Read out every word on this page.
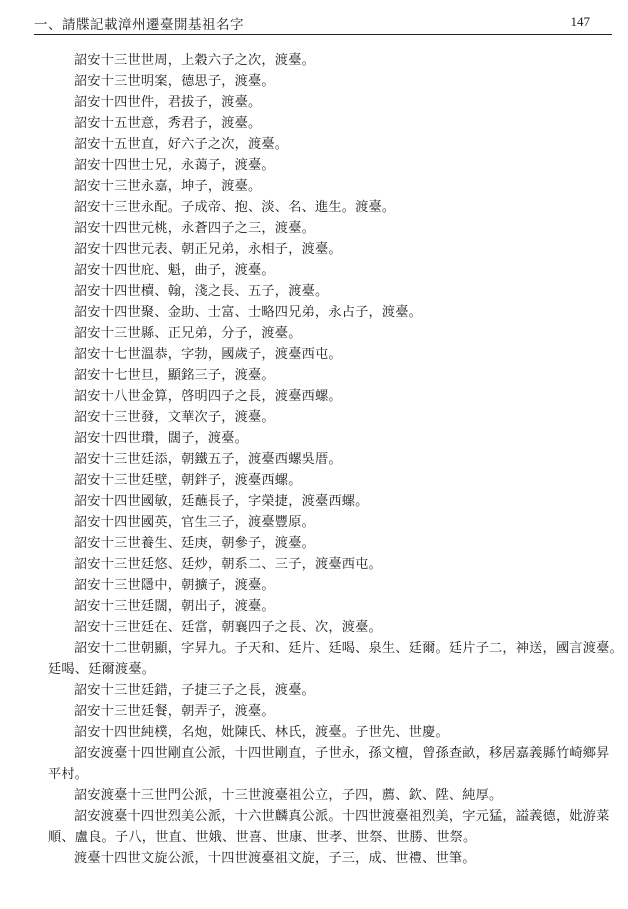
一、請牒記載漳州遷臺開基祖名字	147
詔安十三世世周，上穀六子之次，渡臺。
詔安十三世明案，德思子，渡臺。
詔安十四世件，君拔子，渡臺。
詔安十五世意，秀君子，渡臺。
詔安十五世直，好六子之次，渡臺。
詔安十四世士兄，永蔼子，渡臺。
詔安十三世永嘉，坤子，渡臺。
詔安十三世永配。子成帝、抱、淡、名、進生。渡臺。
詔安十四世元桃，永蒼四子之三，渡臺。
詔安十四世元表、朝正兄弟，永相子，渡臺。
詔安十四世庇、魁，曲子，渡臺。
詔安十四世櫝、翰，淺之長、五子，渡臺。
詔安十四世聚、金助、士富、士略四兄弟，永占子，渡臺。
詔安十三世縣、正兄弟，分子，渡臺。
詔安十七世溫恭，字勃，國歲子，渡臺西屯。
詔安十七世旦，顯銘三子，渡臺。
詔安十八世金算，啓明四子之長，渡臺西螺。
詔安十三世發，文華次子，渡臺。
詔安十四世瓚，闊子，渡臺。
詔安十三世廷添，朝鐵五子，渡臺西螺吳厝。
詔安十三世廷壁，朝鉡子，渡臺西螺。
詔安十四世國敏，廷蘸長子，字榮捷，渡臺西螺。
詔安十四世國英，官生三子，渡臺豐原。
詔安十三世養生、廷庚，朝參子，渡臺。
詔安十三世廷悠、廷炒，朝系二、三子，渡臺西屯。
詔安十三世隱中，朝擴子，渡臺。
詔安十三世廷闊，朝出子，渡臺。
詔安十三世廷在、廷當，朝襄四子之長、次，渡臺。
詔安十二世朝顯，字昇九。子天和、廷片、廷喝、泉生、廷爾。廷片子二，神送，國言渡臺。
廷喝、廷爾渡臺。
詔安十三世廷錯，子捷三子之長，渡臺。
詔安十三世廷餐，朝弄子，渡臺。
詔安十四世純樸，名炮，妣陳氏、林氏，渡臺。子世先、世慶。
詔安渡臺十四世剛直公派，十四世剛直，子世永，孫文檀，曾孫查畝，移居嘉義縣竹崎鄉昇
平村。
詔安渡臺十三世門公派，十三世渡臺祖公立，子四，薦、欽、陞、純厚。
詔安渡臺十四世烈美公派，十六世麟真公派。十四世渡臺祖烈美，字元猛，謚義德，妣游菜
順、盧良。子八，世直、世娥、世喜、世康、世孝、世祭、世勝、世祭。
渡臺十四世文旋公派，十四世渡臺祖文旋，子三，成、世禮、世筆。
